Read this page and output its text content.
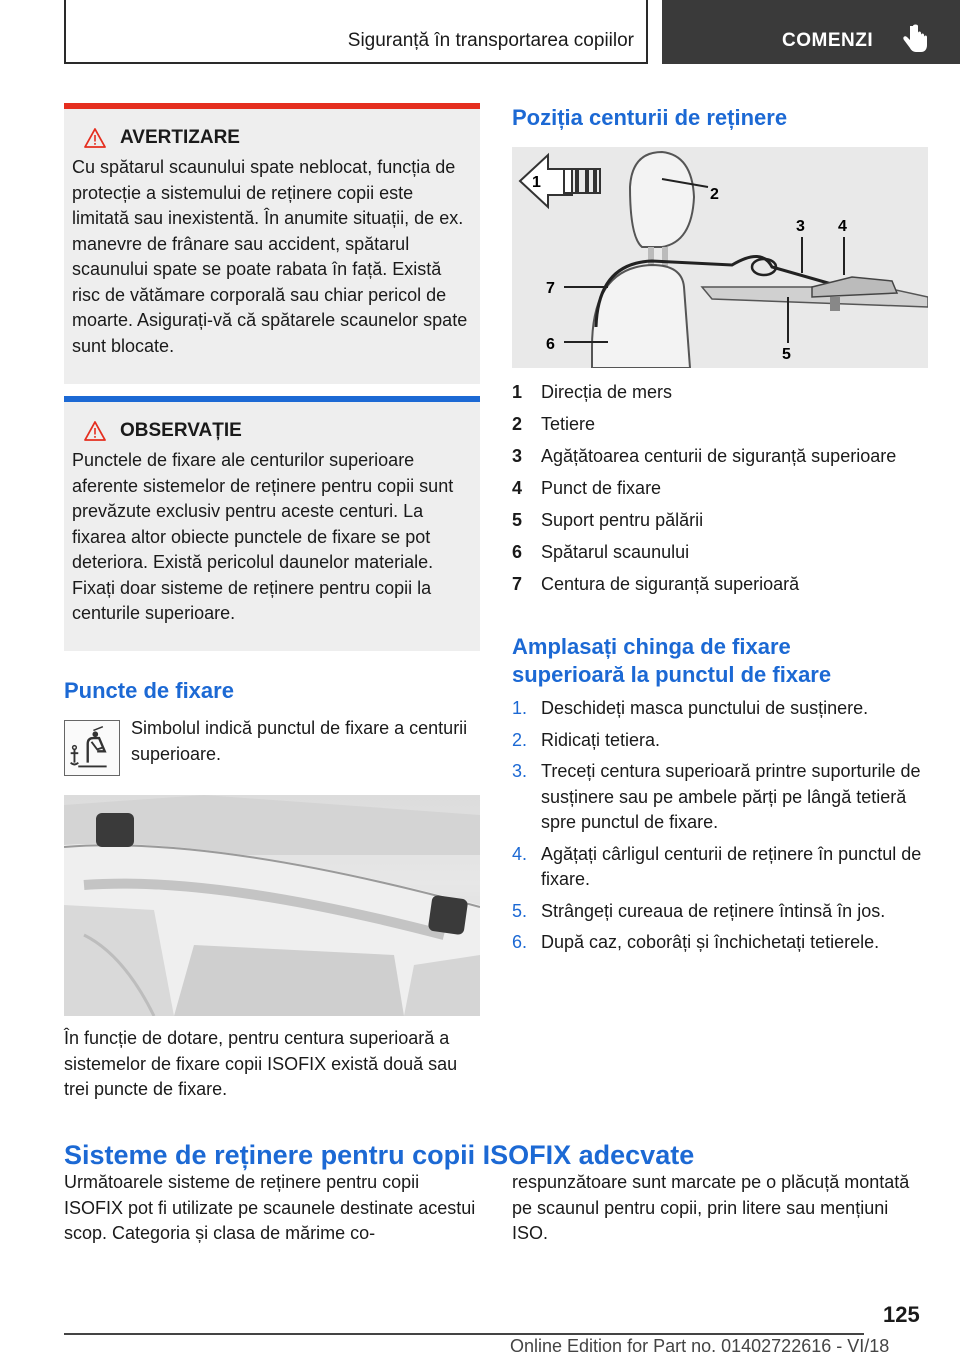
Siguranță în transportarea copiilor	COMENZI
AVERTIZARE

Cu spătarul scaunului spate neblocat, funcția de protecție a sistemului de reținere copii este limitată sau inexistentă. În anumite situații, de ex. manevre de frânare sau accident, spătarul scaunului spate se poate rabata în față. Există risc de vătămare corporală sau chiar pericol de moarte. Asigurați-vă că spătarele scaunelor spate sunt blocate.

OBSERVAȚIE

Punctele de fixare ale centurilor superioare aferente sistemelor de reținere pentru copii sunt prevăzute exclusiv pentru aceste centuri. La fixarea altor obiecte punctele de fixare se pot deteriora. Există pericolul daunelor materiale. Fixați doar sisteme de reținere pentru copii la centurile superioare.

Puncte de fixare
Simbolul indică punctul de fixare a centurii superioare.
În funcție de dotare, pentru centura superioară a sistemelor de fixare copii ISOFIX există două sau trei puncte de fixare.
Poziția centurii de reținere
1
2
3 4
5
6
7
1	Direcția de mers
2	Tetiere
3	Agățătoarea centurii de siguranță superioare
4	Punct de fixare
5	Suport pentru pălării
6	Spătarul scaunului
7	Centura de siguranță superioară
Amplasați chinga de fixare
superioară la punctul de fixare
1. Deschideți masca punctului de susținere.
2. Ridicați tetiera.
3. Treceți centura superioară printre suporturile de susținere sau pe ambele părți pe lângă tetieră spre punctul de fixare.
4. Agățați cârligul centurii de reținere în punctul de fixare.
5. Strângeți cureaua de reținere întinsă în jos.
6. După caz, coborâți și închichetați tetierele.
Sisteme de reținere pentru copii ISOFIX adecvate
Următoarele sisteme de reținere pentru copii ISOFIX pot fi utilizate pe scaunele destinate acestui scop. Categoria și clasa de mărime co-
respunzătoare sunt marcate pe o plăcuță montată pe scaunul pentru copii, prin litere sau mențiuni ISO.
125
Online Edition for Part no. 01402722616 - VI/18
